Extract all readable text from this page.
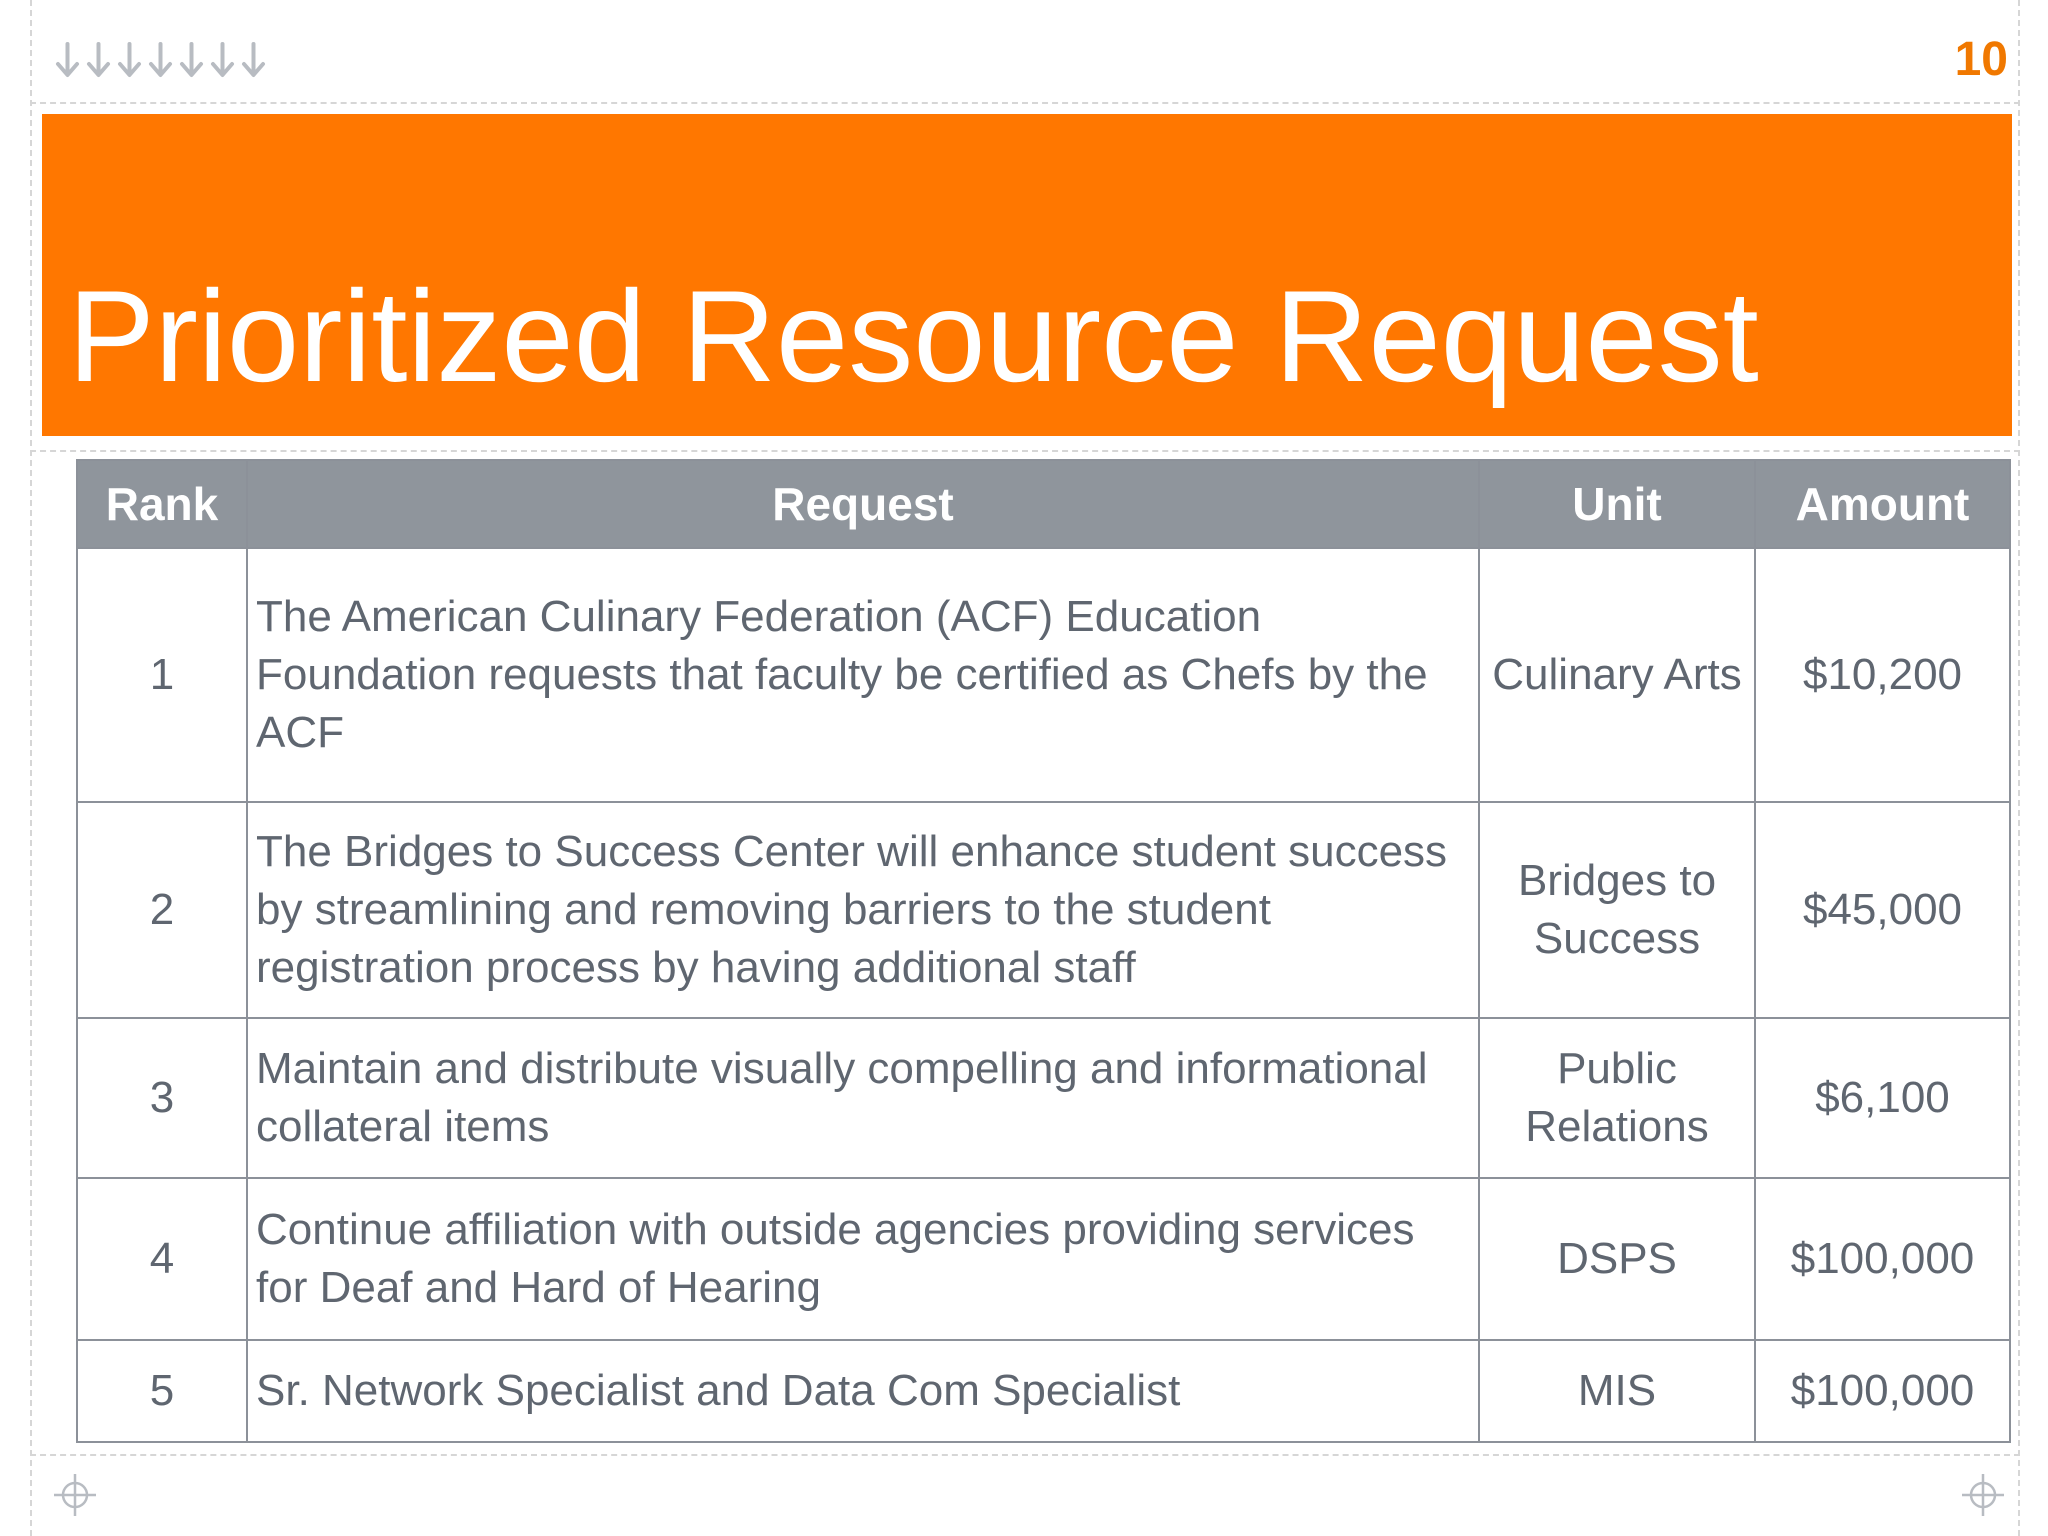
10
Prioritized Resource Request
Rank	Request	Unit	Amount
1	The American Culinary Federation (ACF) Education Foundation requests that faculty be certified as Chefs by the ACF	Culinary Arts	$10,200
2	The Bridges to Success Center will enhance student success by streamlining and removing barriers to the student registration process by having additional staff	Bridges to Success	$45,000
3	Maintain and distribute visually compelling and informational collateral items	Public Relations	$6,100
4	Continue affiliation with outside agencies providing services for Deaf and Hard of Hearing	DSPS	$100,000
5	Sr. Network Specialist and Data Com Specialist	MIS	$100,000
